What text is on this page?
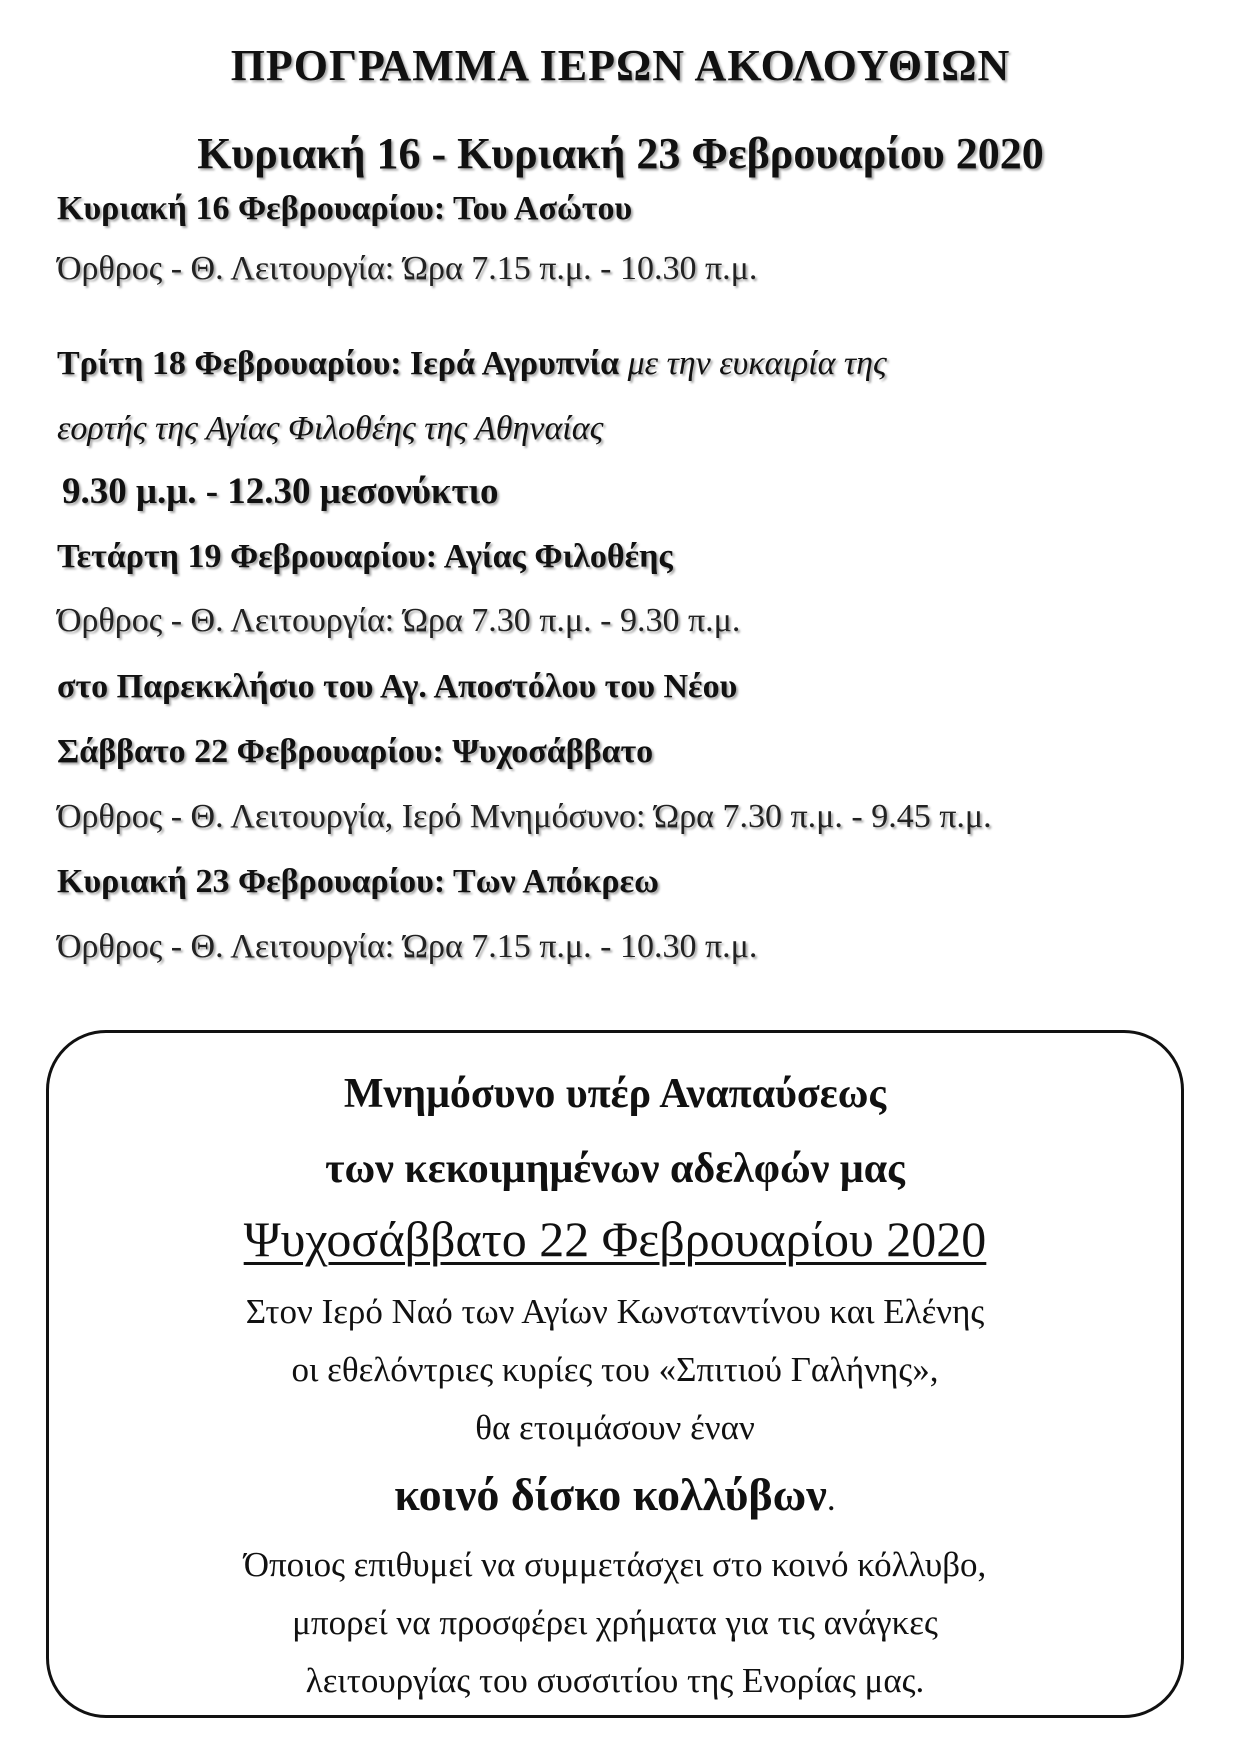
ΠΡΟΓΡΑΜΜΑ ΙΕΡΩΝ ΑΚΟΛΟΥΘΙΩΝ
Κυριακή 16 - Κυριακή 23 Φεβρουαρίου 2020
Κυριακή 16 Φεβρουαρίου: Του Ασώτου
Όρθρος - Θ. Λειτουργία: Ώρα 7.15 π.μ. - 10.30 π.μ.
Τρίτη 18 Φεβρουαρίου: Ιερά Αγρυπνία με την ευκαιρία της
εορτής της Αγίας Φιλοθέης της Αθηναίας
9.30 μ.μ. - 12.30 μεσονύκτιο
Τετάρτη 19 Φεβρουαρίου: Αγίας Φιλοθέης
Όρθρος - Θ. Λειτουργία: Ώρα 7.30 π.μ. - 9.30 π.μ.
στο Παρεκκλήσιο του Αγ. Αποστόλου του Νέου
Σάββατο 22 Φεβρουαρίου: Ψυχοσάββατο
Όρθρος - Θ. Λειτουργία, Ιερό Μνημόσυνο: Ώρα 7.30 π.μ. - 9.45 π.μ.
Κυριακή 23 Φεβρουαρίου: Των Απόκρεω
Όρθρος - Θ. Λειτουργία: Ώρα 7.15 π.μ. - 10.30 π.μ.
Μνημόσυνο υπέρ Αναπαύσεως
των κεκοιμημένων αδελφών μας
Ψυχοσάββατο 22 Φεβρουαρίου 2020
Στον Ιερό Ναό των Αγίων Κωνσταντίνου και Ελένης
οι εθελόντριες κυρίες του «Σπιτιού Γαλήνης»,
θα ετοιμάσουν έναν
κοινό δίσκο κολλύβων.
Όποιος επιθυμεί να συμμετάσχει στο κοινό κόλλυβο,
μπορεί να προσφέρει χρήματα για τις ανάγκες
λειτουργίας του συσσιτίου της Ενορίας μας.
